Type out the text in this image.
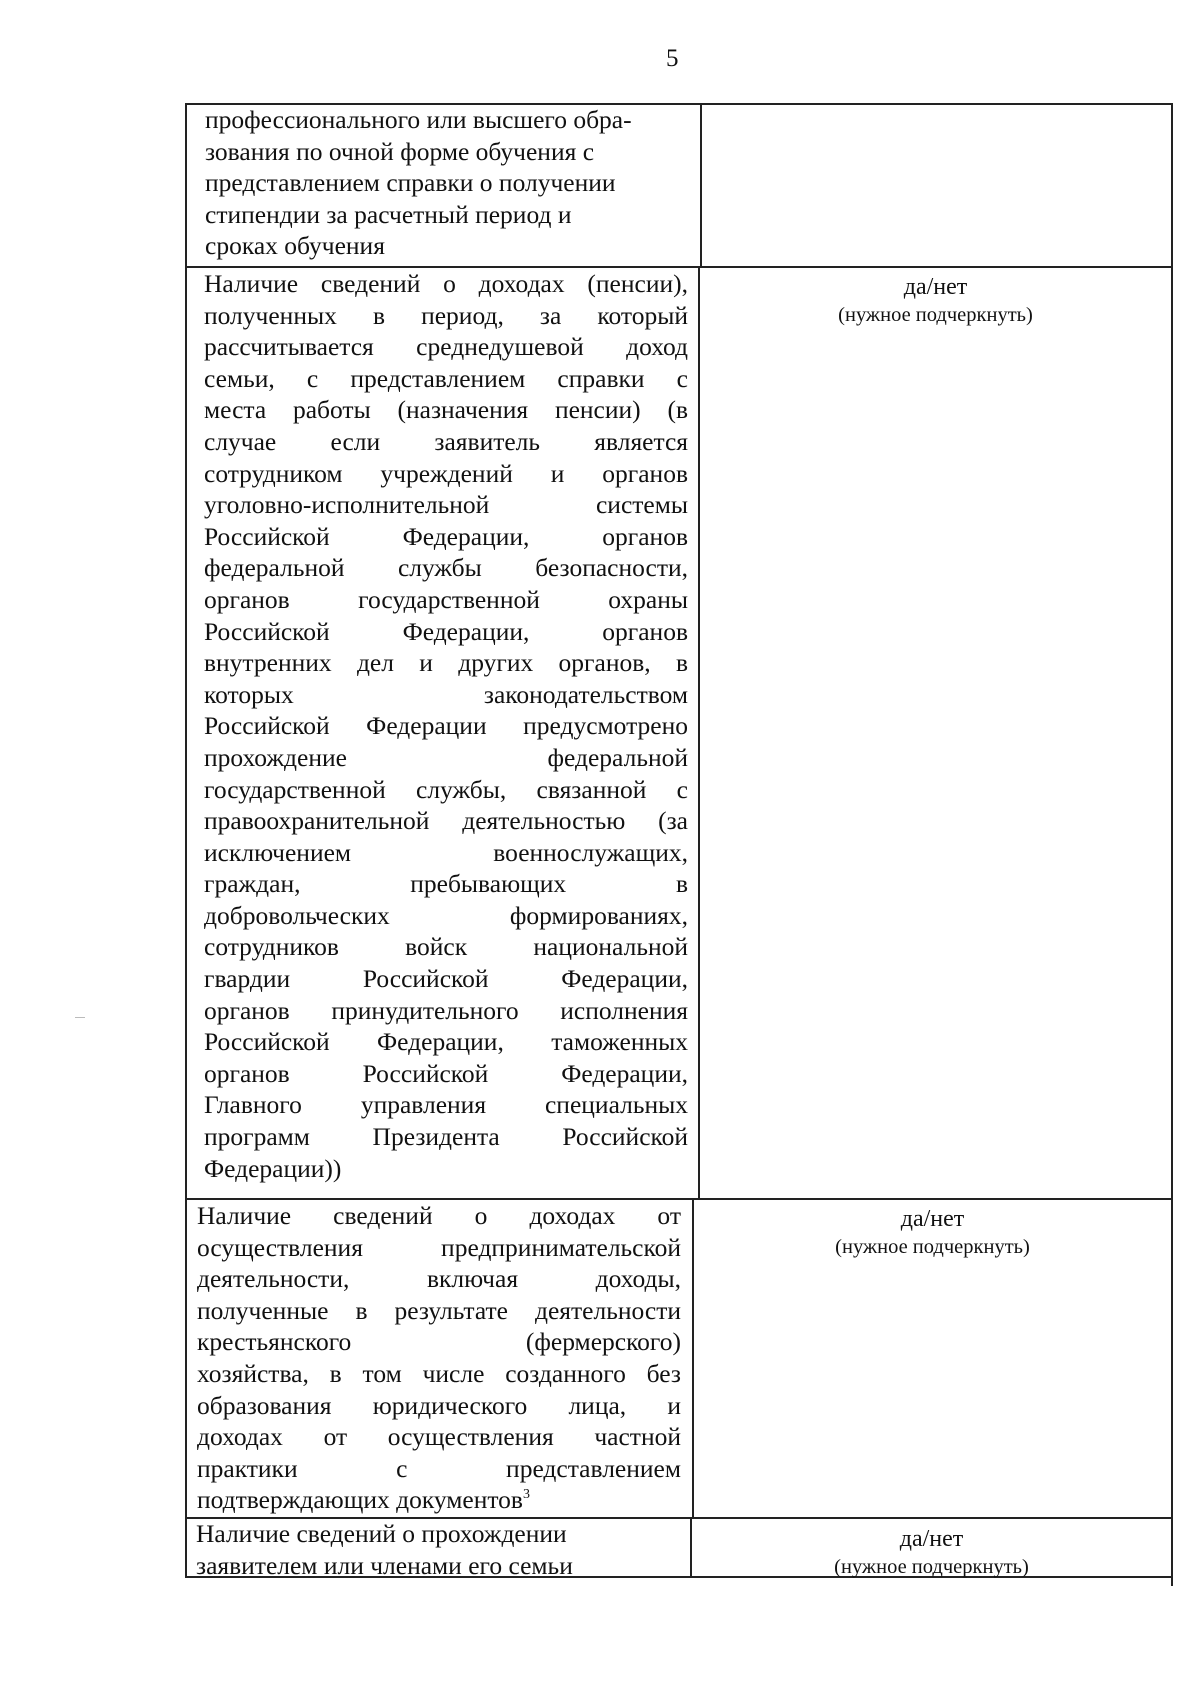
5
профессионального или высшего обра-
зования по очной форме обучения с
представлением справки о получении
стипендии за расчетный период и
сроках обучения
Наличие сведений о доходах (пенсии),
полученных в период, за который
рассчитывается среднедушевой доход
семьи, с представлением справки с
места работы (назначения пенсии) (в
случае если заявитель является
сотрудником учреждений и органов
уголовно-исполнительной системы
Российской Федерации, органов
федеральной службы безопасности,
органов государственной охраны
Российской Федерации, органов
внутренних дел и других органов, в
которых законодательством
Российской Федерации предусмотрено
прохождение федеральной
государственной службы, связанной с
правоохранительной деятельностью (за
исключением военнослужащих,
граждан, пребывающих в
добровольческих формированиях,
сотрудников войск национальной
гвардии Российской Федерации,
органов принудительного исполнения
Российской Федерации, таможенных
органов Российской Федерации,
Главного управления специальных
программ Президента Российской
Федерации))
да/нет
(нужное подчеркнуть)
Наличие сведений о доходах от
осуществления предпринимательской
деятельности, включая доходы,
полученные в результате деятельности
крестьянского (фермерского)
хозяйства, в том числе созданного без
образования юридического лица, и
доходах от осуществления частной
практики с представлением
подтверждающих документов$^3$
да/нет
(нужное подчеркнуть)
Наличие сведений о прохождении
заявителем или членами его семьи
да/нет
(нужное подчеркнуть)
